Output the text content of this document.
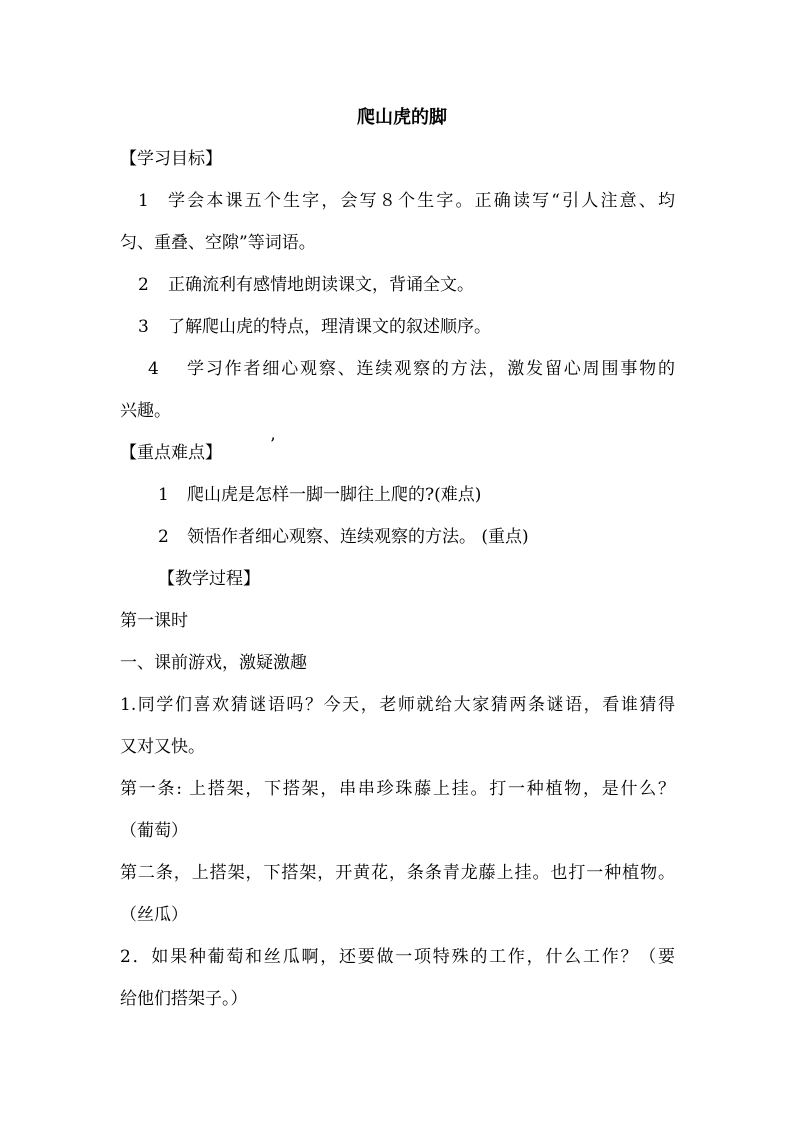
爬山虎的脚
【学习目标】
1 学会本课五个生字，会写８个生字。正确读写“引人注意、均
匀、重叠、空隙”等词语。
2 正确流利有感情地朗读课文，背诵全文。
3 了解爬山虎的特点，理清课文的叙述顺序。
4 学习作者细心观察、连续观察的方法，激发留心周围事物的
兴趣。
【重点难点】	’
1 爬山虎是怎样一脚一脚往上爬的?(难点)
2 领悟作者细心观察、连续观察的方法。 (重点)
【教学过程】
第一课时
一、课前游戏，激疑激趣
1.同学们喜欢猜谜语吗？今天，老师就给大家猜两条谜语，看谁猜得
又对又快。
第一条: 上搭架，下搭架，串串珍珠藤上挂。打一种植物，是什么？
（葡萄）
第二条，上搭架，下搭架，开黄花，条条青龙藤上挂。也打一种植物。
（丝瓜）
2．如果种葡萄和丝瓜啊，还要做一项特殊的工作，什么工作？（要
给他们搭架子。）
